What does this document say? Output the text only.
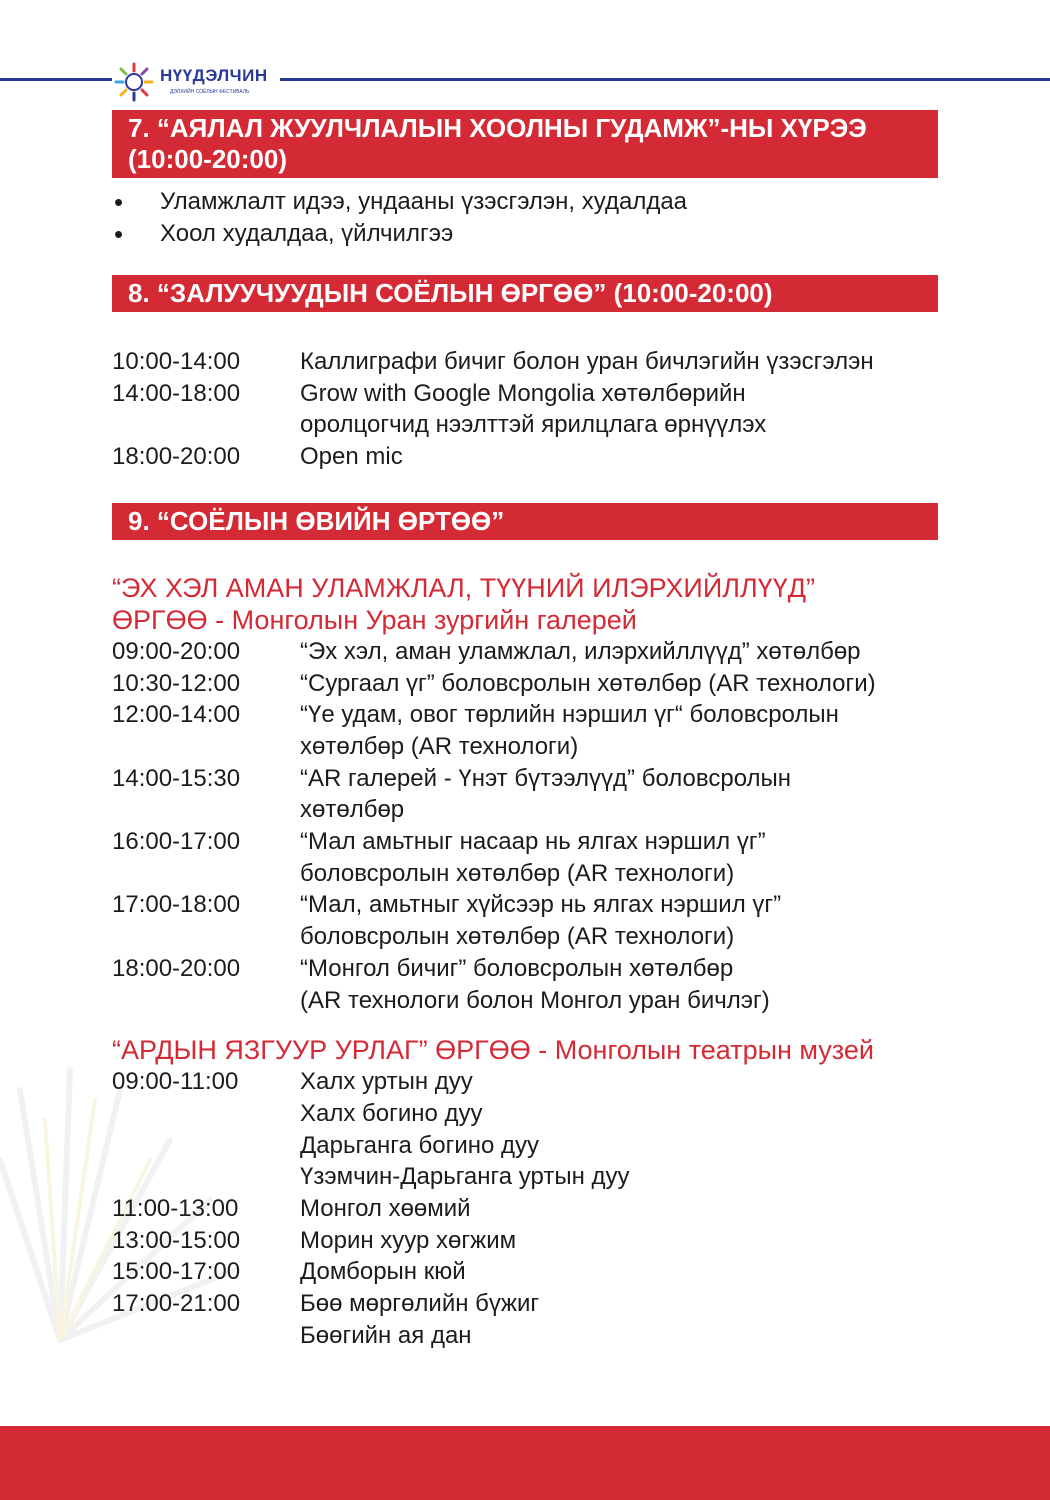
НҮҮДЭЛЧИН
ДЭЛХИЙН СОЁЛЫН ФЕСТИВАЛЬ
7. “АЯЛАЛ ЖУУЛЧЛАЛЫН ХООЛНЫ ГУДАМЖ”-НЫ ХҮРЭЭ (10:00-20:00)
• Уламжлалт идээ, ундааны үзэсгэлэн, худалдаа
• Хоол худалдаа, үйлчилгээ
8. “ЗАЛУУЧУУДЫН СОЁЛЫН ӨРГӨӨ” (10:00-20:00)
10:00-14:00	Каллиграфи бичиг болон уран бичлэгийн үзэсгэлэн
14:00-18:00	Grow with Google Mongolia хөтөлбөрийн
оролцогчид нээлттэй ярилцлага өрнүүлэх
18:00-20:00	Open mic
9. “СОЁЛЫН ӨВИЙН ӨРТӨӨ”
“ЭХ ХЭЛ АМАН УЛАМЖЛАЛ, ТҮҮНИЙ ИЛЭРХИЙЛЛҮҮД”
ӨРГӨӨ - Монголын Уран зургийн галерей
09:00-20:00	“Эх хэл, аман уламжлал, илэрхийллүүд” хөтөлбөр
10:30-12:00	“Сургаал үг” боловсролын хөтөлбөр (AR технологи)
12:00-14:00	“Үе удам, овог төрлийн нэршил үг“ боловсролын
хөтөлбөр (AR технологи)
14:00-15:30	“AR галерей - Үнэт бүтээлүүд” боловсролын
хөтөлбөр
16:00-17:00	“Мал амьтныг насаар нь ялгах нэршил үг”
боловсролын хөтөлбөр (AR технологи)
17:00-18:00	“Мал, амьтныг хүйсээр нь ялгах нэршил үг”
боловсролын хөтөлбөр (AR технологи)
18:00-20:00	“Монгол бичиг” боловсролын хөтөлбөр
(AR технологи болон Монгол уран бичлэг)
“АРДЫН ЯЗГУУР УРЛАГ” ӨРГӨӨ - Монголын театрын музей
09:00-11:00	Халх уртын дуу
Халх богино дуу
Дарьганга богино дуу
Үзэмчин-Дарьганга уртын дуу
11:00-13:00	Монгол хөөмий
13:00-15:00	Морин хуур хөгжим
15:00-17:00	Домборын кюй
17:00-21:00	Бөө мөргөлийн бүжиг
Бөөгийн ая дан
